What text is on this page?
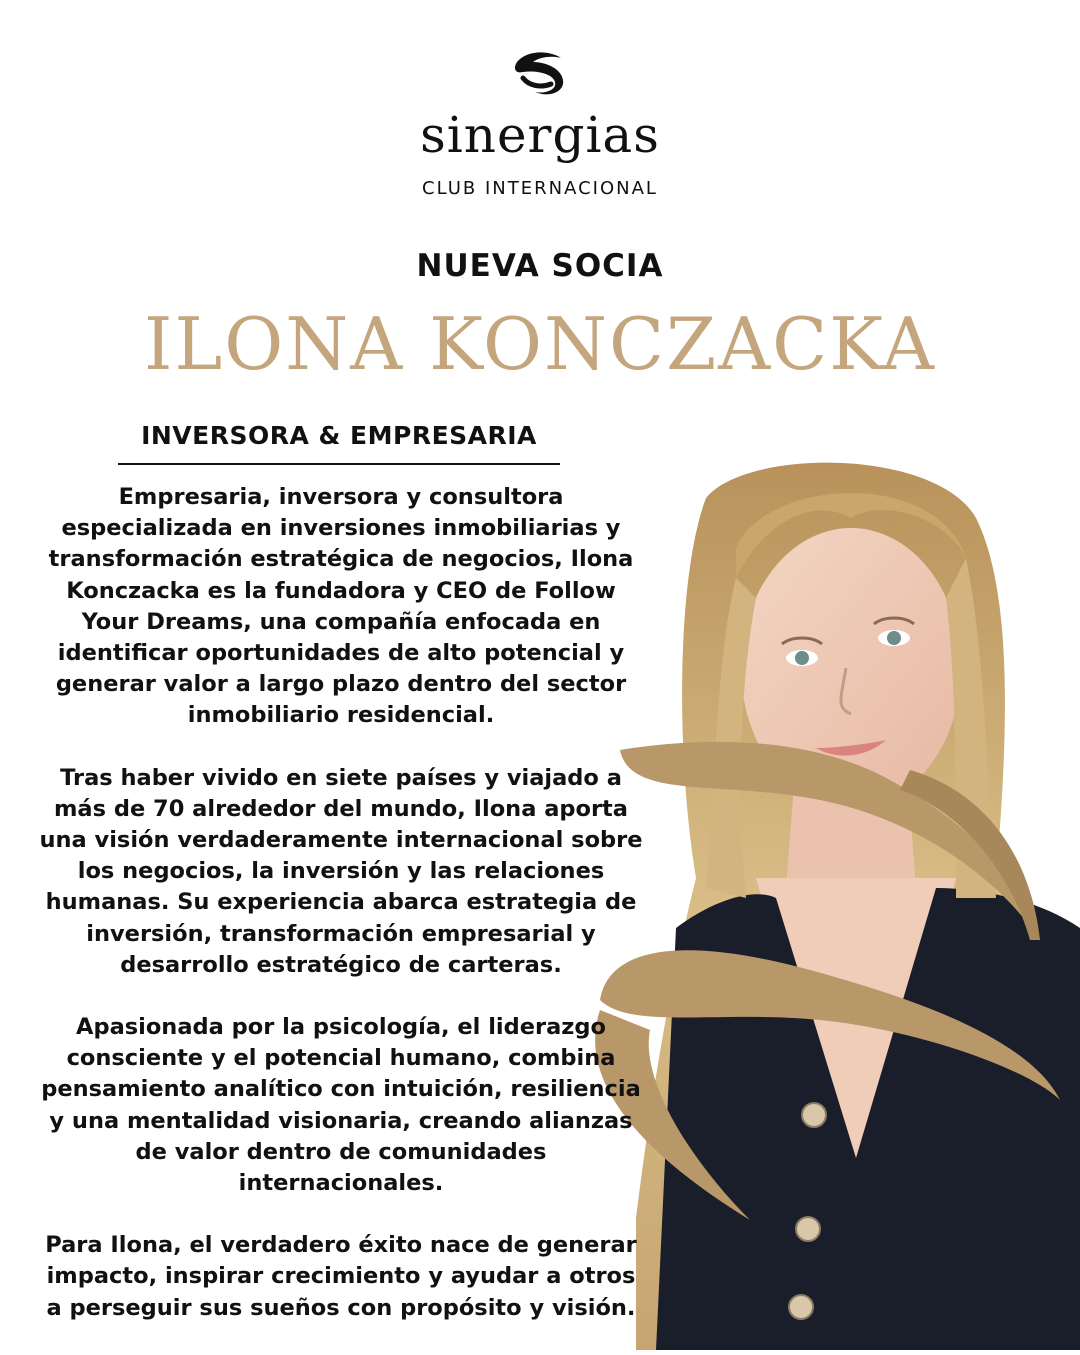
sinergias
CLUB INTERNACIONAL
NUEVA SOCIA
ILONA KONCZACKA
INVERSORA & EMPRESARIA

Empresaria, inversora y consultora especializada en inversiones inmobiliarias y transformación estratégica de negocios, Ilona Konczacka es la fundadora y CEO de Follow Your Dreams, una compañía enfocada en identificar oportunidades de alto potencial y generar valor a largo plazo dentro del sector inmobiliario residencial.

Tras haber vivido en siete países y viajado a más de 70 alrededor del mundo, Ilona aporta una visión verdaderamente internacional sobre los negocios, la inversión y las relaciones humanas. Su experiencia abarca estrategia de inversión, transformación empresarial y desarrollo estratégico de carteras.

Apasionada por la psicología, el liderazgo consciente y el potencial humano, combina pensamiento analítico con intuición, resiliencia y una mentalidad visionaria, creando alianzas de valor dentro de comunidades internacionales.

Para Ilona, el verdadero éxito nace de generar impacto, inspirar crecimiento y ayudar a otros a perseguir sus sueños con propósito y visión.
